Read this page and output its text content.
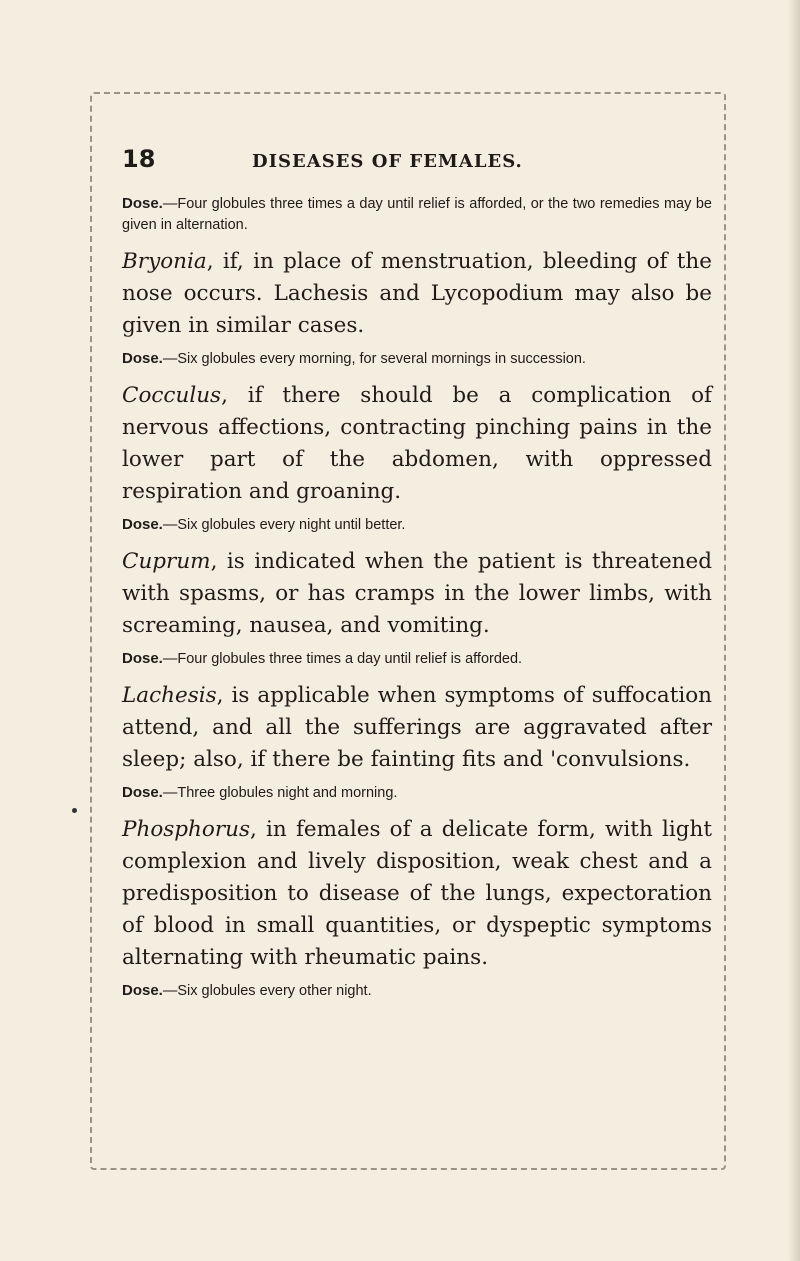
18	DISEASES OF FEMALES.

Dose.—Four globules three times a day until relief is afforded, or the two remedies may be given in alternation.

Bryonia, if, in place of menstruation, bleeding of the nose occurs. Lachesis and Lycopodium may also be given in similar cases.

Dose.—Six globules every morning, for several mornings in succession.

Cocculus, if there should be a complication of nervous affections, contracting pinching pains in the lower part of the abdomen, with oppressed respiration and groaning.

Dose.—Six globules every night until better.

Cuprum, is indicated when the patient is threatened with spasms, or has cramps in the lower limbs, with screaming, nausea, and vomiting.

Dose.—Four globules three times a day until relief is afforded.

Lachesis, is applicable when symptoms of suffocation attend, and all the sufferings are aggravated after sleep; also, if there be fainting fits and 'convulsions.

Dose.—Three globules night and morning.

Phosphorus, in females of a delicate form, with light complexion and lively disposition, weak chest and a predisposition to disease of the lungs, expectoration of blood in small quantities, or dyspeptic symptoms alternating with rheumatic pains.

Dose.—Six globules every other night.
